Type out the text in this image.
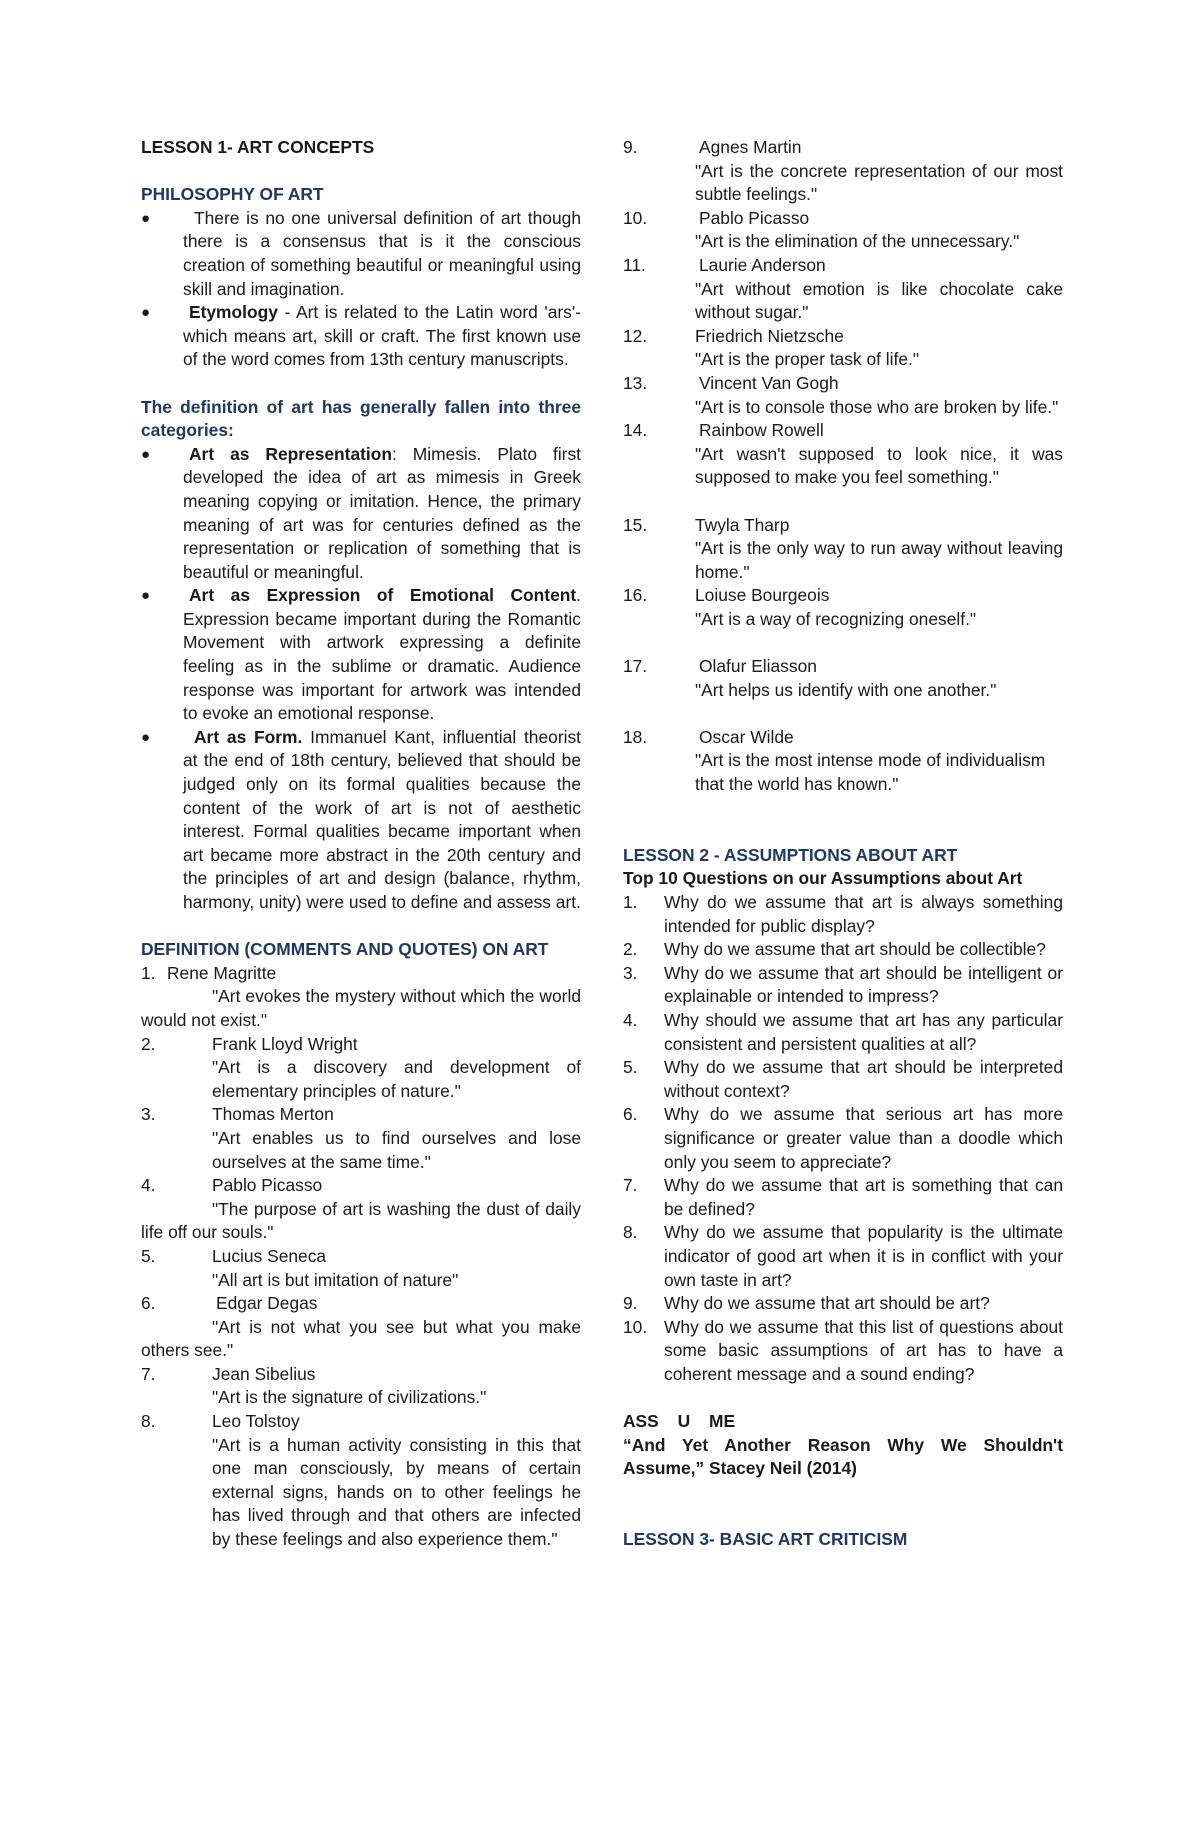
LESSON 1- ART CONCEPTS

PHILOSOPHY OF ART

●	There is no one universal definition of art though there is a consensus that is it the conscious creation of something beautiful or meaningful using skill and imagination.

●	Etymology - Art is related to the Latin word 'ars'- which means art, skill or craft. The first known use of the word comes from 13th century manuscripts.

The definition of art has generally fallen into three categories:

●	Art as Representation: Mimesis. Plato first developed the idea of art as mimesis in Greek meaning copying or imitation. Hence, the primary meaning of art was for centuries defined as the representation or replication of something that is beautiful or meaningful.

●	Art as Expression of Emotional Content. Expression became important during the Romantic Movement with artwork expressing a definite feeling as in the sublime or dramatic. Audience response was important for artwork was intended to evoke an emotional response.

●	Art as Form. Immanuel Kant, influential theorist at the end of 18th century, believed that should be judged only on its formal qualities because the content of the work of art is not of aesthetic interest. Formal qualities became important when art became more abstract in the 20th century and the principles of art and design (balance, rhythm, harmony, unity) were used to define and assess art.

DEFINITION (COMMENTS AND QUOTES) ON ART

1. Rene Magritte

"Art evokes the mystery without which the world would not exist."

2.	Frank Lloyd Wright

"Art is a discovery and development of elementary principles of nature."

3.	Thomas Merton

"Art enables us to find ourselves and lose ourselves at the same time."

4.	Pablo Picasso

"The purpose of art is washing the dust of daily life off our souls."

5.	Lucius Seneca

"All art is but imitation of nature"

6.	Edgar Degas

"Art is not what you see but what you make others see."

7.	Jean Sibelius

"Art is the signature of civilizations."

8.	Leo Tolstoy

"Art is a human activity consisting in this that one man consciously, by means of certain external signs, hands on to other feelings he has lived through and that others are infected by these feelings and also experience them."

9.	Agnes Martin

"Art is the concrete representation of our most subtle feelings."

10.	Pablo Picasso

"Art is the elimination of the unnecessary."

11.	Laurie Anderson

"Art without emotion is like chocolate cake without sugar."

12.	Friedrich Nietzsche

"Art is the proper task of life."

13.	Vincent Van Gogh

"Art is to console those who are broken by life."

14.	Rainbow Rowell

"Art wasn't supposed to look nice, it was supposed to make you feel something."

15.	Twyla Tharp

"Art is the only way to run away without leaving home."

16.	Loiuse Bourgeois

"Art is a way of recognizing oneself."

17.	Olafur Eliasson

"Art helps us identify with one another."

18.	Oscar Wilde

"Art is the most intense mode of individualism that the world has known."

LESSON 2 - ASSUMPTIONS ABOUT ART

Top 10 Questions on our Assumptions about Art

1.	Why do we assume that art is always something intended for public display?

2.	Why do we assume that art should be collectible?

3.	Why do we assume that art should be intelligent or explainable or intended to impress?

4.	Why should we assume that art has any particular consistent and persistent qualities at all?

5.	Why do we assume that art should be interpreted without context?

6.	Why do we assume that serious art has more significance or greater value than a doodle which only you seem to appreciate?

7.	Why do we assume that art is something that can be defined?

8.	Why do we assume that popularity is the ultimate indicator of good art when it is in conflict with your own taste in art?

9.	Why do we assume that art should be art?

10. Why do we assume that this list of questions about some basic assumptions of art has to have a coherent message and a sound ending?

ASS U ME

“And Yet Another Reason Why We Shouldn't Assume,” Stacey Neil (2014)

LESSON 3- BASIC ART CRITICISM
